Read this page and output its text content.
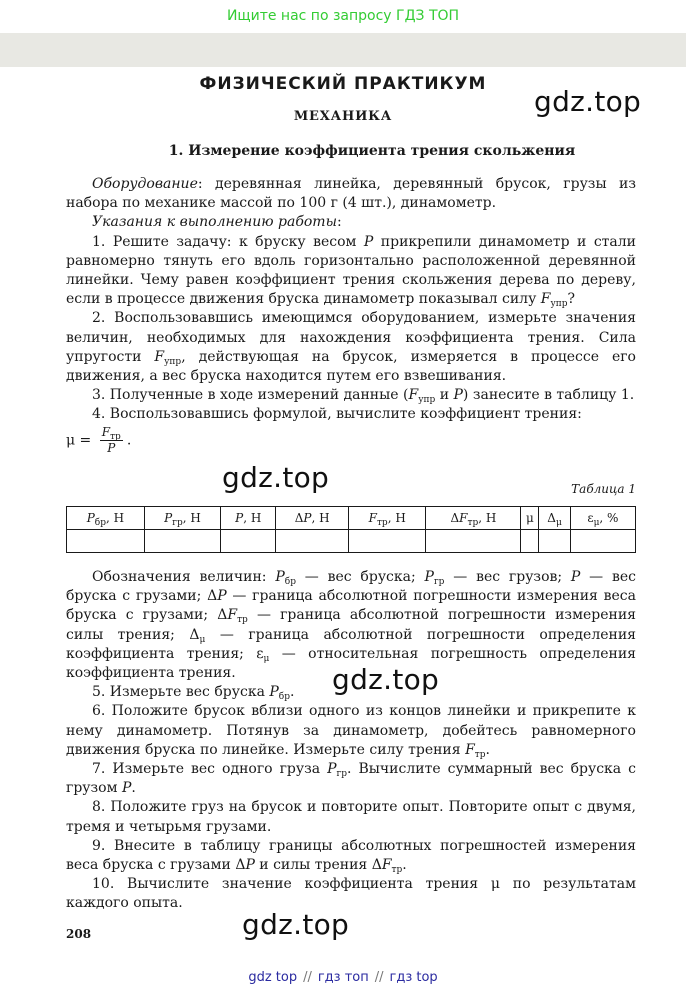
Ищите нас по запросу ГДЗ ТОП
ФИЗИЧЕСКИЙ ПРАКТИКУМ
МЕХАНИКА
1. Измерение коэффициента трения скольжения
gdz.top

Оборудование: деревянная линейка, деревянный брусок, грузы из набора по механике массой по 100 г (4 шт.), динамометр.

Указания к выполнению работы:

1. Решите задачу: к бруску весом P прикрепили динамометр и стали равномерно тянуть его вдоль горизонтально расположенной деревянной линейки. Чему равен коэффициент трения скольжения дерева по дереву, если в процессе движения бруска динамометр показывал силу $F_{упр}$?

2. Воспользовавшись имеющимся оборудованием, измерьте значения величин, необходимых для нахождения коэффициента трения. Сила упругости $F_{упр}$, действующая на брусок, измеряется в процессе его движения, а вес бруска находится путем его взвешивания.

3. Полученные в ходе измерений данные ($F_{упр}$ и P) занесите в таблицу 1.

4. Воспользовавшись формулой, вычислите коэффициент трения:

$\mu = \frac{F_{тр}}{P}$ .

gdz.top	Таблица 1
$P_{бр}$, Н	$P_{гр}$, Н	P, Н	ΔP, Н	$F_{тр}$, Н	$\Delta F_{тр}$, Н	μ	$\Delta_\mu$	$\varepsilon_\mu$, %

Обозначения величин: $P_{бр}$ — вес бруска; $P_{гр}$ — вес грузов; P — вес бруска с грузами; ΔP — граница абсолютной погрешности измерения веса бруска с грузами; $\Delta F_{тр}$ — граница абсолютной погрешности измерения силы трения; $\Delta_\mu$ — граница абсолютной погрешности определения коэффициента трения; $\varepsilon_\mu$ — относительная погрешность определения коэффициента трения.

5. Измерьте вес бруска $P_{бр}$.

6. Положите брусок вблизи одного из концов линейки и прикрепите к нему динамометр. Потянув за динамометр, добейтесь равномерного движения бруска по линейке. Измерьте силу трения $F_{тр}$.

7. Измерьте вес одного груза $P_{гр}$. Вычислите суммарный вес бруска с грузом P.

8. Положите груз на брусок и повторите опыт. Повторите опыт с двумя, тремя и четырьмя грузами.

9. Внесите в таблицу границы абсолютных погрешностей измерения веса бруска с грузами ΔP и силы трения $\Delta F_{тр}$.

10. Вычислите значение коэффициента трения μ по результатам каждого опыта.

gdz.top
gdz.top
208
gdz top // гдз топ // гдз top
